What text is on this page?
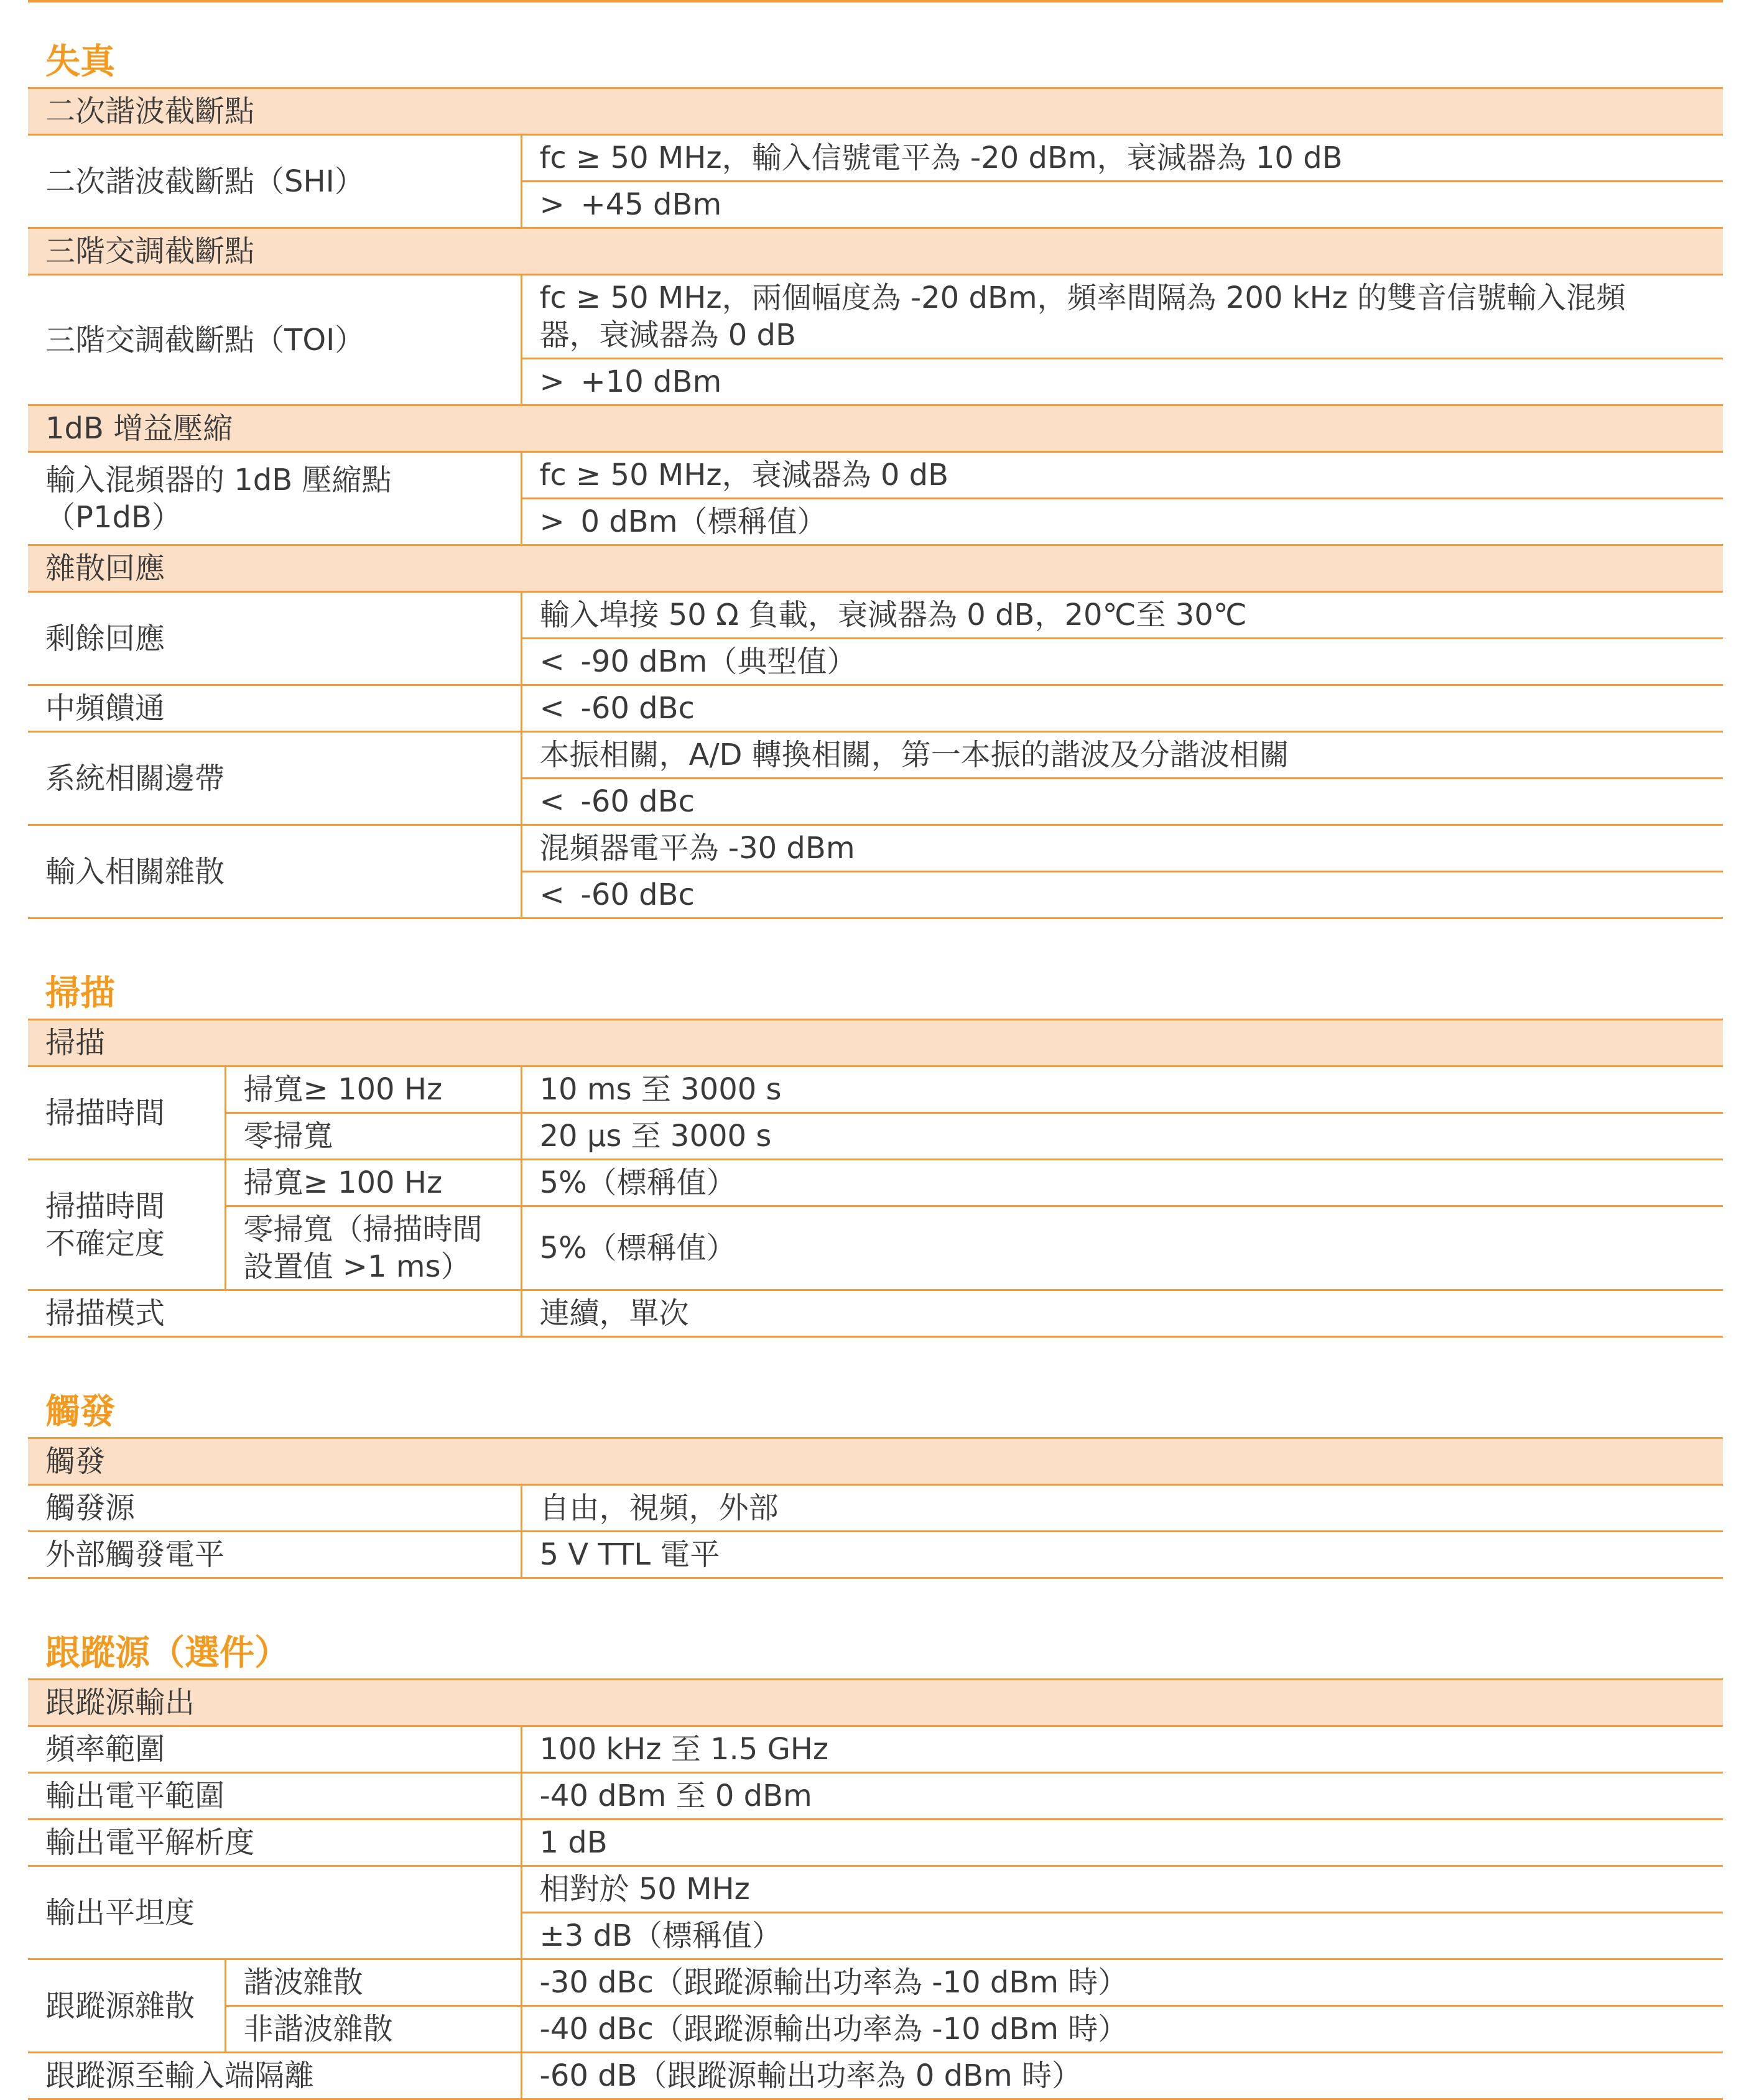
失真
二次諧波截斷點	
二次諧波截斷點（SHI）	fc ≥ 50 MHz，輸入信號電平為 -20 dBm，衰減器為 10 dB
	> +45 dBm
三階交調截斷點	
三階交調截斷點（TOI）	fc ≥ 50 MHz，兩個幅度為 -20 dBm，頻率間隔為 200 kHz 的雙音信號輸入混頻
器，衰減器為 0 dB

	> +10 dBm
1dB 增益壓縮	

輸入混頻器的 1dB 壓縮點
（P1dB）	fc ≥ 50 MHz，衰減器為 0 dB
	> 0 dBm（標稱值）
雜散回應	
剩餘回應	輸入埠接 50 Ω 負載，衰減器為 0 dB，20℃至 30℃
	< -90 dBm（典型值）
中頻饋通	< -60 dBc
系統相關邊帶	本振相關，A/D 轉換相關，第一本振的諧波及分諧波相關
	< -60 dBc
輸入相關雜散	混頻器電平為 -30 dBm
	< -60 dBc
掃描
掃描		
掃描時間	掃寬≥ 100 Hz	10 ms 至 3000 s
	零掃寬	20 µs 至 3000 s

掃描時間
不確定度	掃寬≥ 100 Hz	5%（標稱值）

	零掃寬（掃描時間
設置值 >1 ms）	5%（標稱值）
掃描模式		連續，單次
觸發
觸發	
觸發源	自由，視頻，外部
外部觸發電平	5 V TTL 電平
跟蹤源（選件）
跟蹤源輸出		
頻率範圍		100 kHz 至 1.5 GHz
輸出電平範圍		-40 dBm 至 0 dBm
輸出電平解析度		1 dB
輸出平坦度		相對於 50 MHz
		±3 dB（標稱值）
跟蹤源雜散	諧波雜散	-30 dBc（跟蹤源輸出功率為 -10 dBm 時）
	非諧波雜散	-40 dBc（跟蹤源輸出功率為 -10 dBm 時）
跟蹤源至輸入端隔離		-60 dB（跟蹤源輸出功率為 0 dBm 時）
